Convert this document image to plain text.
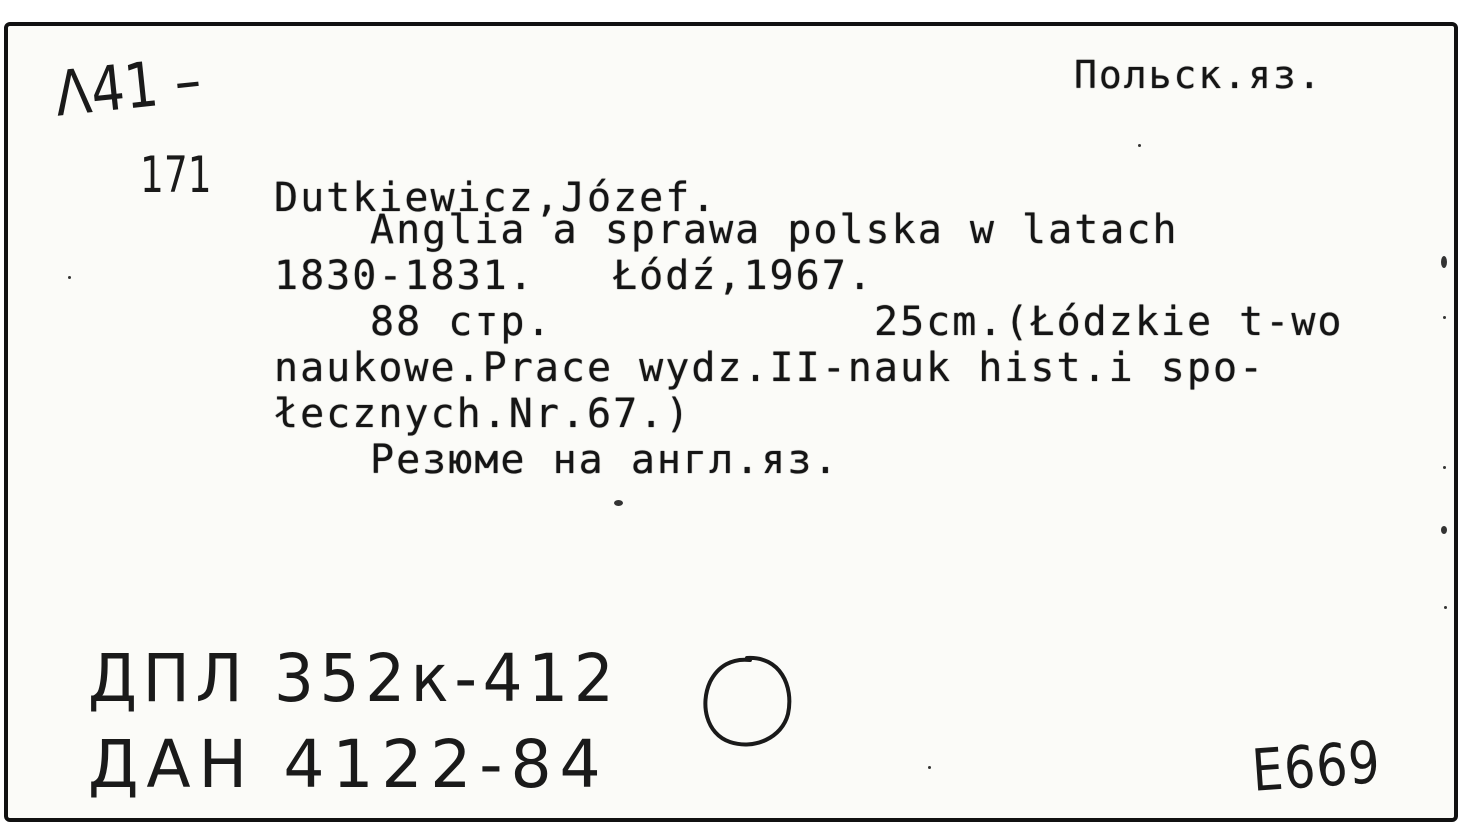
Польск.яз.

Λ41 –

171 Dutkiewicz,Józef.

Anglia a sprawa polska w latach

1830-1831.   Łódź,1967.

88 стр.	25cm.(Łódzkie t-wo

naukowe.Prace wydz.II-nauk hist.i spo-

łecznych.Nr.67.)

Резюме на англ.яз.

ДПЛ 352к-412

ДАН 4122-84	E669
